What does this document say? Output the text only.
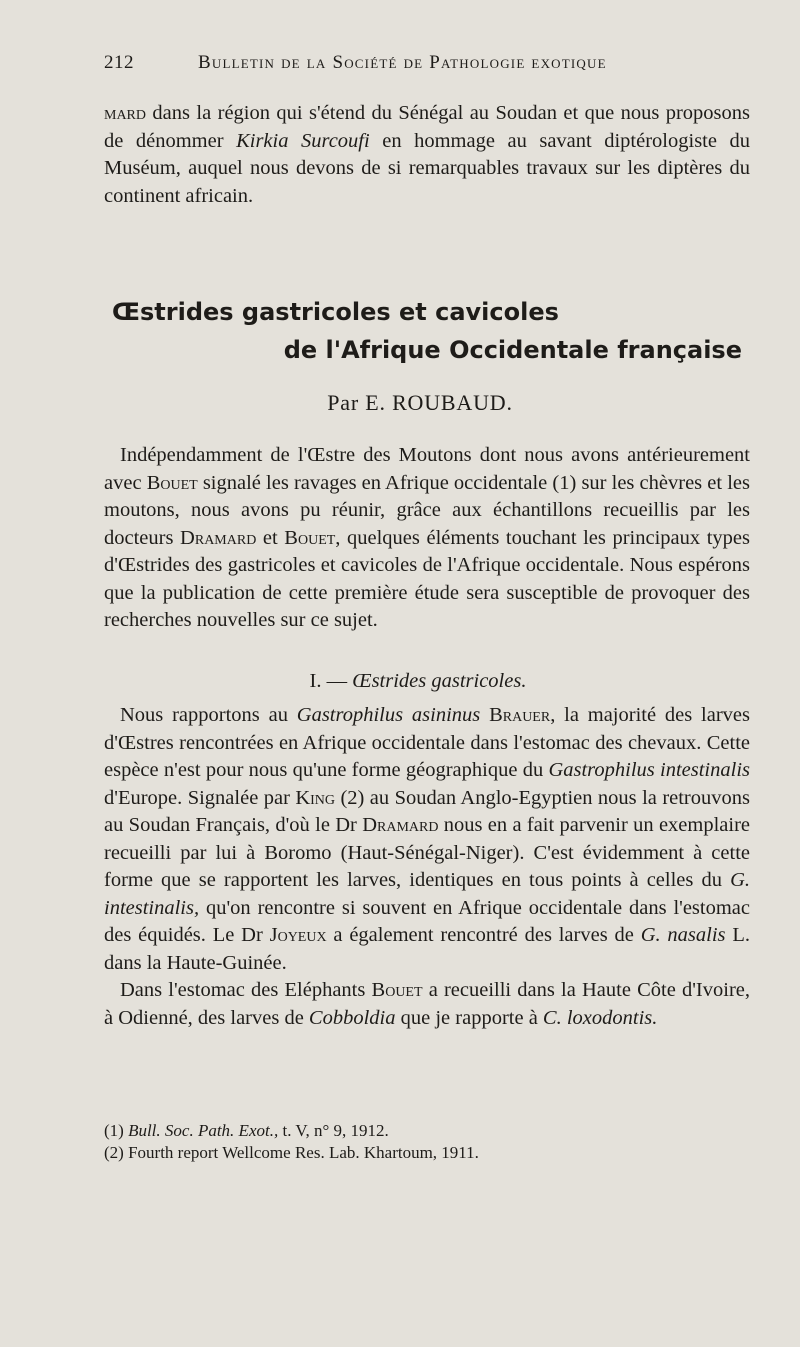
212	Bulletin de la Société de Pathologie exotique

mard dans la région qui s'étend du Sénégal au Soudan et que nous proposons de dénommer Kirkia Surcoufi en hommage au savant diptérologiste du Muséum, auquel nous devons de si remarquables travaux sur les diptères du continent africain.

Œstrides gastricoles et cavicoles
de l'Afrique Occidentale française
Par E. ROUBAUD.

Indépendamment de l'Œstre des Moutons dont nous avons antérieurement avec Bouet signalé les ravages en Afrique occidentale (1) sur les chèvres et les moutons, nous avons pu réunir, grâce aux échantillons recueillis par les docteurs Dramard et Bouet, quelques éléments touchant les principaux types d'Œstrides des gastricoles et cavicoles de l'Afrique occidentale. Nous espérons que la publication de cette première étude sera susceptible de provoquer des recherches nouvelles sur ce sujet.

I. — Œstrides gastricoles.

Nous rapportons au Gastrophilus asininus Brauer, la majorité des larves d'Œstres rencontrées en Afrique occidentale dans l'estomac des chevaux. Cette espèce n'est pour nous qu'une forme géographique du Gastrophilus intestinalis d'Europe. Signalée par King (2) au Soudan Anglo-Egyptien nous la retrouvons au Soudan Français, d'où le Dr Dramard nous en a fait parvenir un exemplaire recueilli par lui à Boromo (Haut-Sénégal-Niger). C'est évidemment à cette forme que se rapportent les larves, identiques en tous points à celles du G. intestinalis, qu'on rencontre si souvent en Afrique occidentale dans l'estomac des équidés. Le Dr Joyeux a également rencontré des larves de G. nasalis L. dans la Haute-Guinée.

Dans l'estomac des Eléphants Bouet a recueilli dans la Haute Côte d'Ivoire, à Odienné, des larves de Cobboldia que je rapporte à C. loxodontis.

(1) Bull. Soc. Path. Exot., t. V, n° 9, 1912.
(2) Fourth report Wellcome Res. Lab. Khartoum, 1911.
